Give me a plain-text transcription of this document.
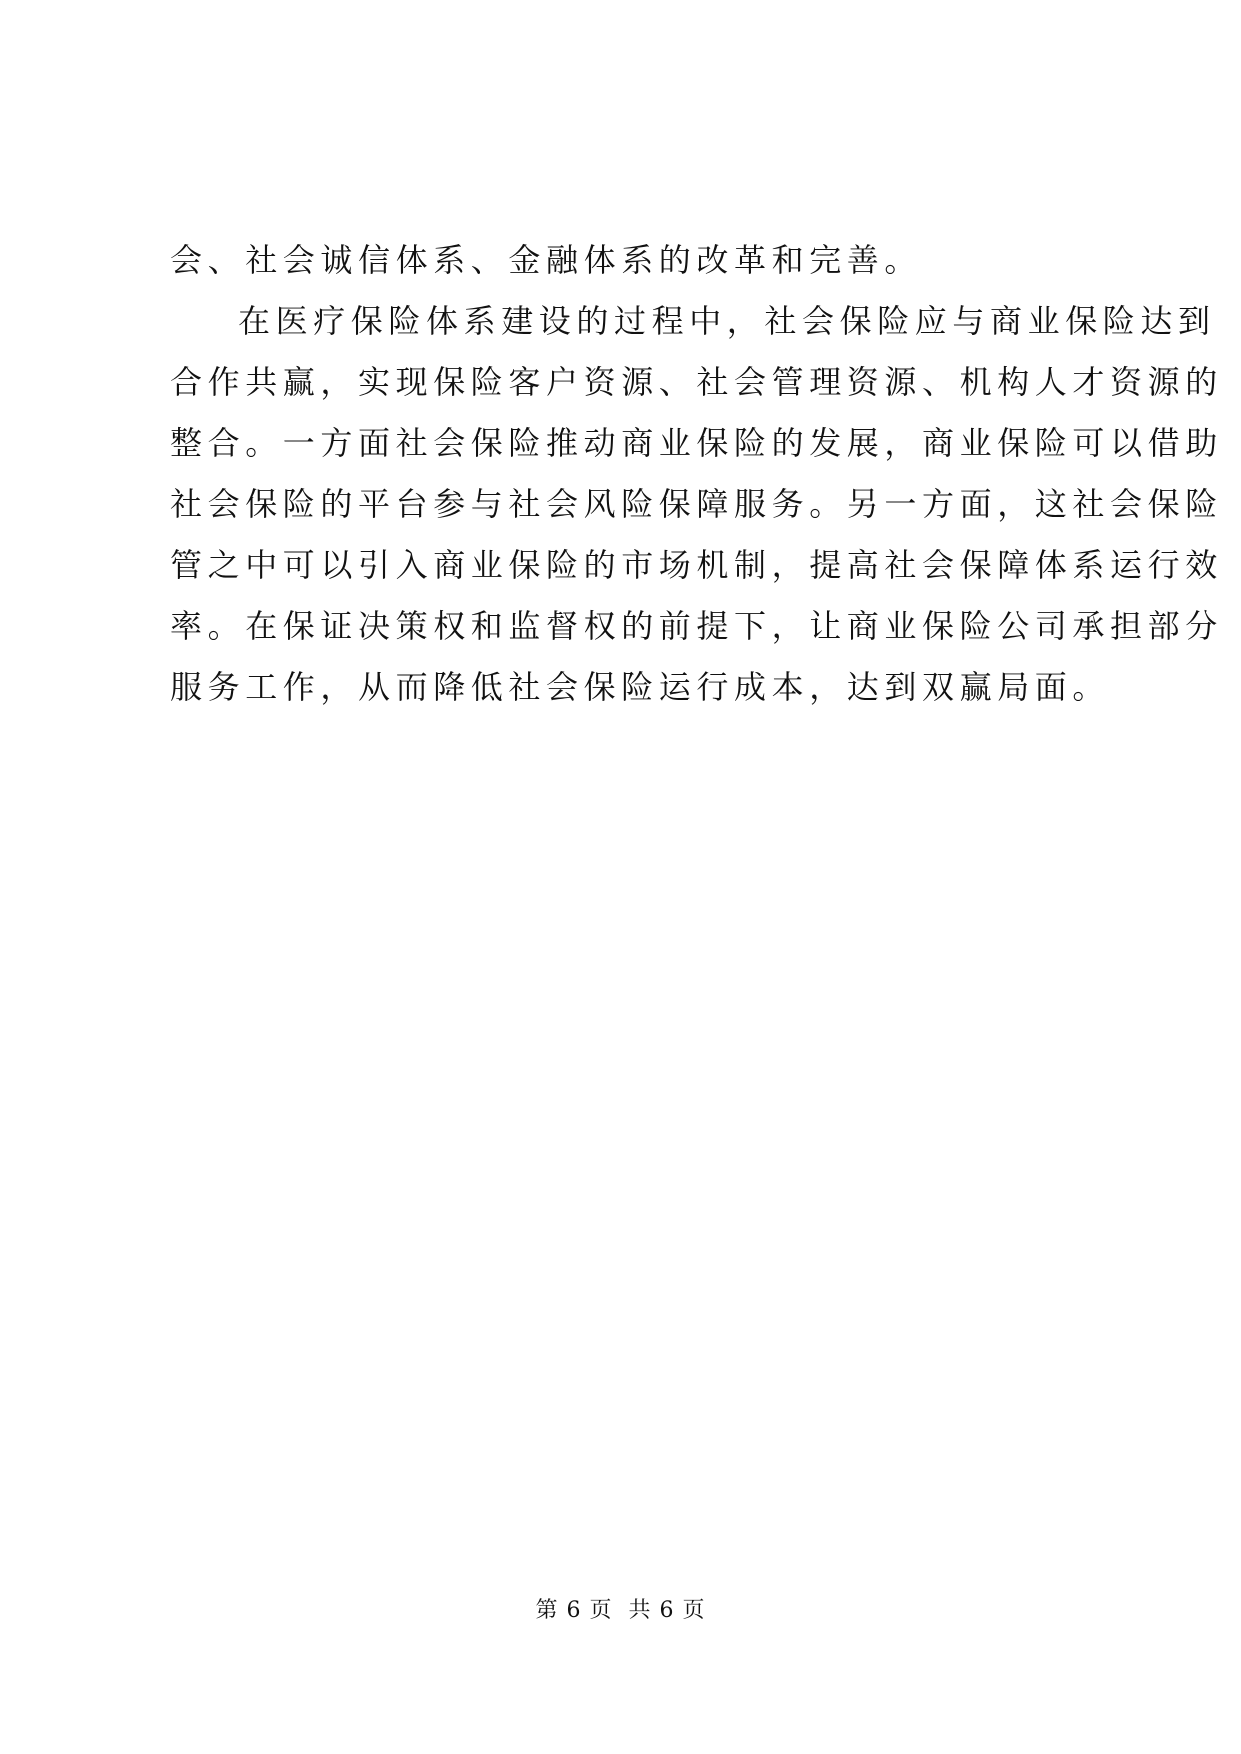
会、社会诚信体系、金融体系的改革和完善。
在医疗保险体系建设的过程中，社会保险应与商业保险达到
合作共赢，实现保险客户资源、社会管理资源、机构人才资源的
整合。一方面社会保险推动商业保险的发展，商业保险可以借助
社会保险的平台参与社会风险保障服务。另一方面，这社会保险
管之中可以引入商业保险的市场机制，提高社会保障体系运行效
率。在保证决策权和监督权的前提下，让商业保险公司承担部分
服务工作，从而降低社会保险运行成本，达到双赢局面。
第 6 页  共 6 页
